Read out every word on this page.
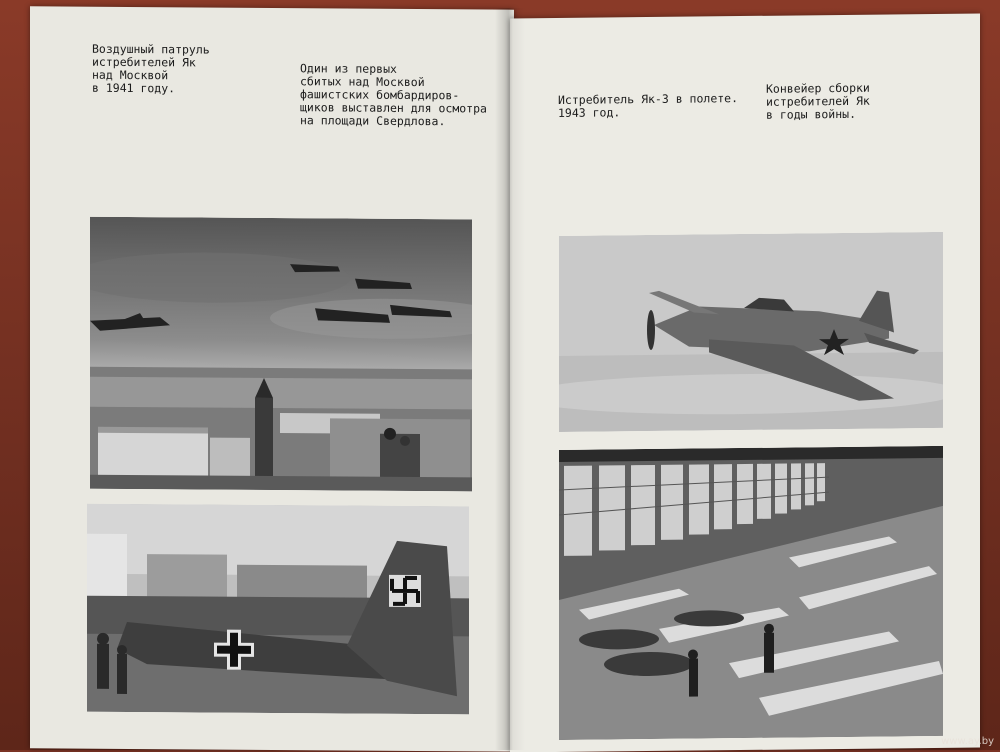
Воздушный патруль
истребителей Як
над Москвой
в 1941 году.
Один из первых
сбитых над Москвой
фашистских бомбардиров-
щиков выставлен для осмотра
на площади Свердлова.
Истребитель Як-3 в полете.
1943 год.
Конвейер сборки
истребителей Як
в годы войны.
www.ay.by
